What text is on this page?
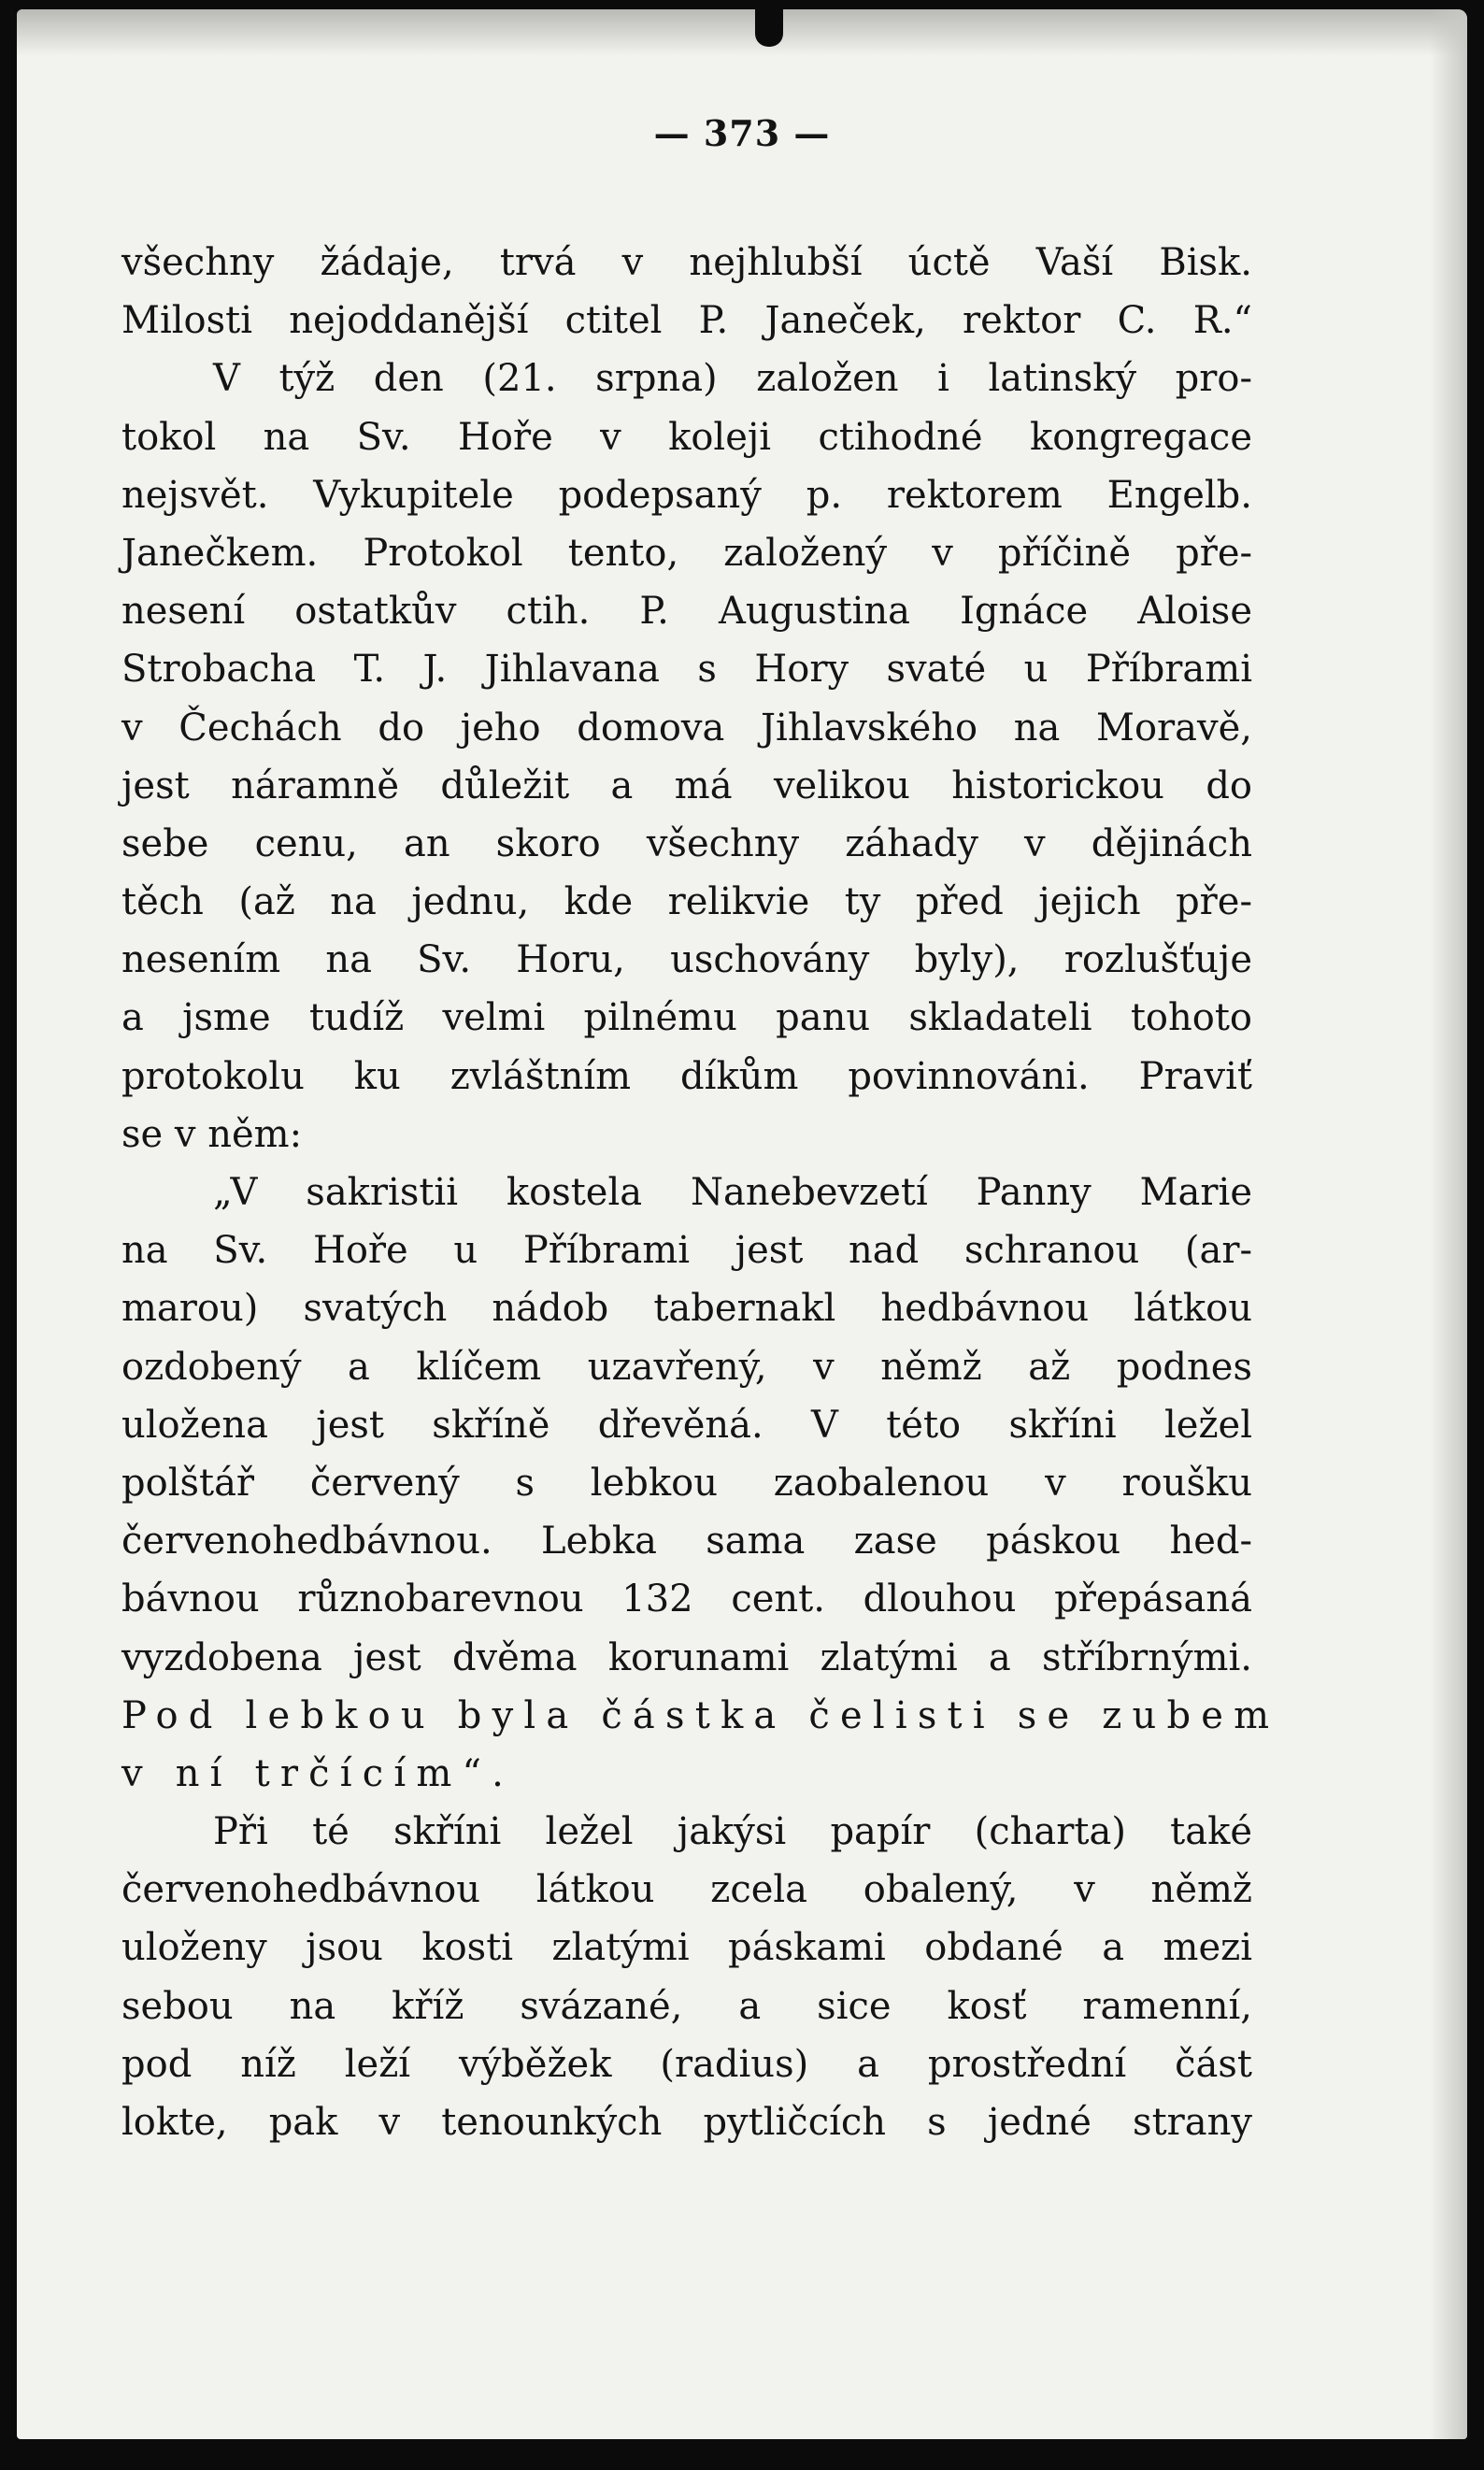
— 373 —
všechny žádaje, trvá v nejhlubší úctě Vaší Bisk.
Milosti nejoddanější ctitel P. Janeček, rektor C. R.“
V týž den (21. srpna) založen i latinský pro-
tokol na Sv. Hoře v koleji ctihodné kongregace
nejsvět. Vykupitele podepsaný p. rektorem Engelb.
Janečkem. Protokol tento, založený v příčině pře-
nesení ostatkův ctih. P. Augustina Ignáce Aloise
Strobacha T. J. Jihlavana s Hory svaté u Příbrami
v Čechách do jeho domova Jihlavského na Moravě,
jest náramně důležit a má velikou historickou do
sebe cenu, an skoro všechny záhady v dějinách
těch (až na jednu, kde relikvie ty před jejich pře-
nesením na Sv. Horu, uschovány byly), rozlušťuje
a jsme tudíž velmi pilnému panu skladateli tohoto
protokolu ku zvláštním díkům povinnováni. Praviť
se v něm:
„V sakristii kostela Nanebevzetí Panny Marie
na Sv. Hoře u Příbrami jest nad schranou (ar-
marou) svatých nádob tabernakl hedbávnou látkou
ozdobený a klíčem uzavřený, v němž až podnes
uložena jest skříně dřevěná. V této skříni ležel
polštář červený s lebkou zaobalenou v roušku
červenohedbávnou. Lebka sama zase páskou hed-
bávnou různobarevnou 132 cent. dlouhou přepásaná
vyzdobena jest dvěma korunami zlatými a stříbrnými.
Pod lebkou byla částka čelisti se zubem
v ní trčícím“.
Při té skříni ležel jakýsi papír (charta) také
červenohedbávnou látkou zcela obalený, v němž
uloženy jsou kosti zlatými páskami obdané a mezi
sebou na kříž svázané, a sice kosť ramenní,
pod níž leží výběžek (radius) a prostřední část
lokte, pak v tenounkých pytličcích s jedné strany
